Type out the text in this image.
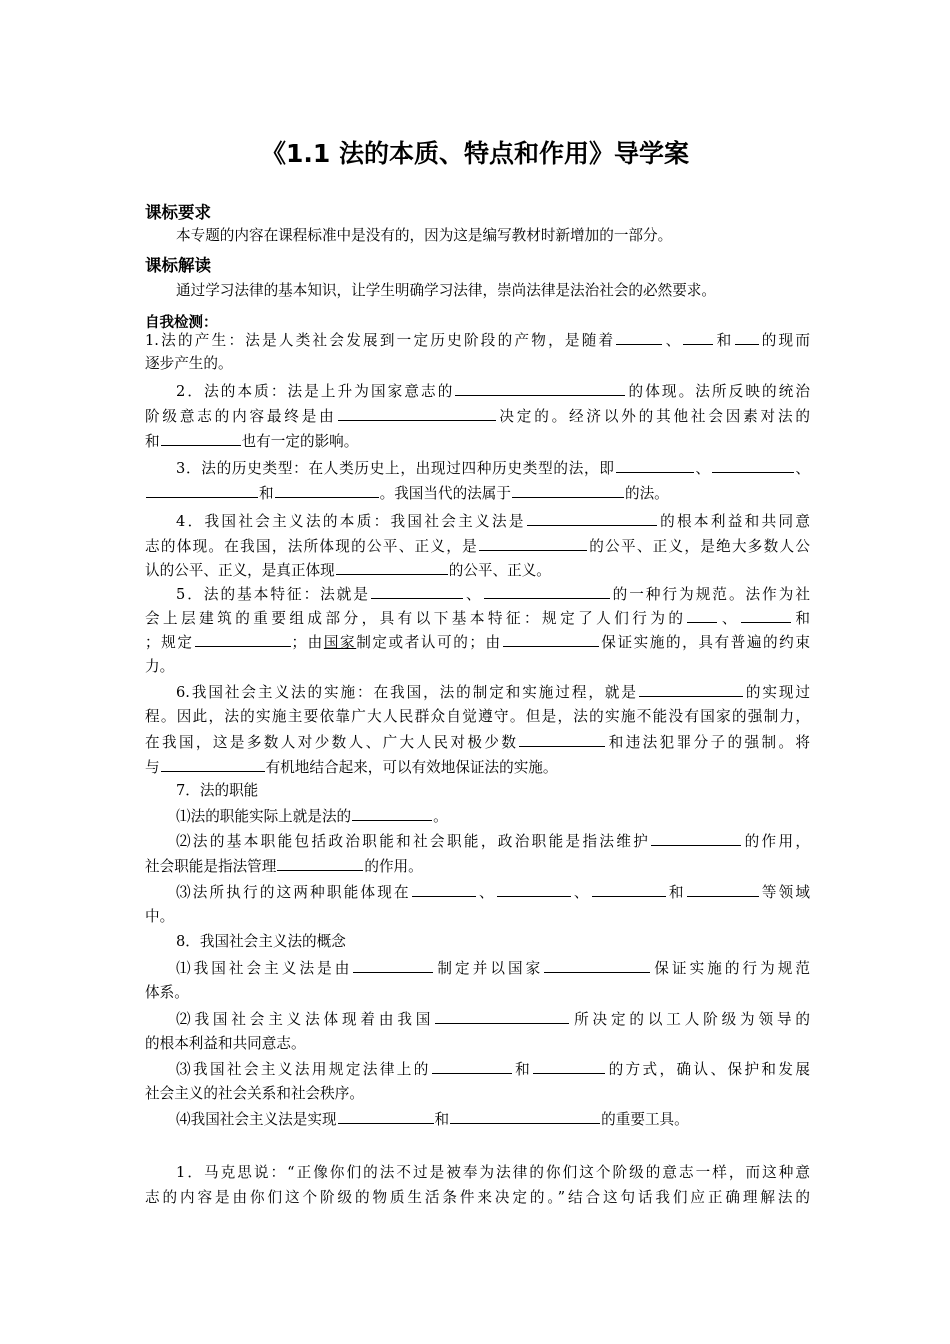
《1.1 法的本质、特点和作用》导学案
课标要求
本专题的内容在课程标准中是没有的，因为这是编写教材时新增加的一部分。
课标解读
通过学习法律的基本知识，让学生明确学习法律，崇尚法律是法治社会的必然要求。
自我检测：
1.法的产生：法是人类社会发展到一定历史阶段的产物，是随着	、 和 的现而
逐步产生的。
2．法的本质：法是上升为国家意志的	的体现。法所反映的统治
阶级意志的内容最终是由	决定的。经济以外的其他社会因素对法的
和	也有一定的影响。
3．法的历史类型：在人类历史上，出现过四种历史类型的法，即	、	、
和	。我国当代的法属于	的法。
4．我国社会主义法的本质：我国社会主义法是	的根本利益和共同意
志的体现。在我国，法所体现的公平、正义，是	的公平、正义，是绝大多数人公
认的公平、正义，是真正体现	的公平、正义。
5．法的基本特征：法就是	、	的一种行为规范。法作为社
会上层建筑的重要组成部分，具有以下基本特征：规定了人们行为的 、	和
；规定	；由国家制定或者认可的；由	保证实施的，具有普遍的约束
力。
6.我国社会主义法的实施：在我国，法的制定和实施过程，就是	的实现过
程。因此，法的实施主要依靠广大人民群众自觉遵守。但是，法的实施不能没有国家的强制力，
在我国，这是多数人对少数人、广大人民对极少数	和违法犯罪分子的强制。将
与	有机地结合起来，可以有效地保证法的实施。
7．法的职能
⑴法的职能实际上就是法的	。
⑵法的基本职能包括政治职能和社会职能，政治职能是指法维护	的作用，
社会职能是指法管理	的作用。
⑶法所执行的这两种职能体现在	、	、	和	等领域
中。
8．我国社会主义法的概念
⑴我国社会主义法是由	制定并以国家	保证实施的行为规范
体系。
⑵我国社会主义法体现着由我国	所决定的以工人阶级为领导的
的根本利益和共同意志。
⑶我国社会主义法用规定法律上的	和	的方式，确认、保护和发展
社会主义的社会关系和社会秩序。
⑷我国社会主义法是实现	和	的重要工具。
1．马克思说：“正像你们的法不过是被奉为法律的你们这个阶级的意志一样，而这种意
志的内容是由你们这个阶级的物质生活条件来决定的。”结合这句话我们应正确理解法的
